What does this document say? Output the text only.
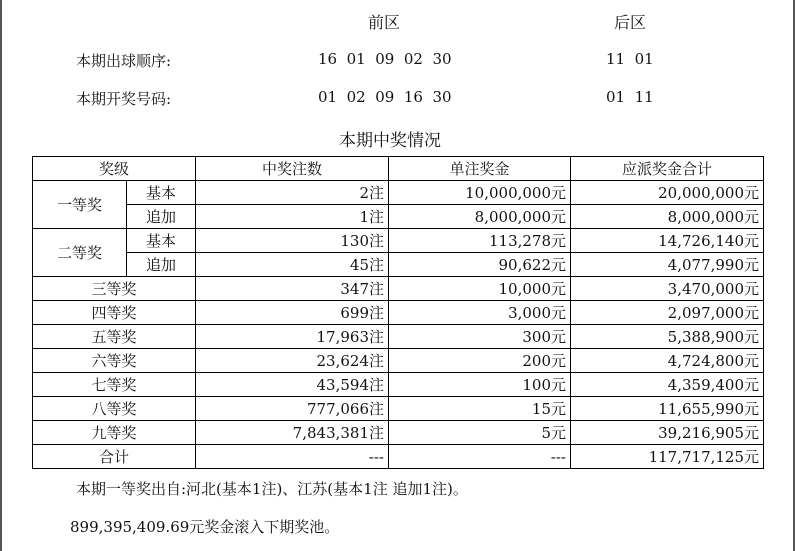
前区	后区
本期出球顺序:	16  01  09  02  30	11  01
本期开奖号码:	01  02  09  16  30	01  11
本期中奖情况
奖级		中奖注数	单注奖金	应派奖金合计
一等奖	基本	2注	10,000,000元	20,000,000元
	追加	1注	8,000,000元	8,000,000元
二等奖	基本	130注	113,278元	14,726,140元
	追加	45注	90,622元	4,077,990元
三等奖		347注	10,000元	3,470,000元
四等奖		699注	3,000元	2,097,000元
五等奖		17,963注	300元	5,388,900元
六等奖		23,624注	200元	4,724,800元
七等奖		43,594注	100元	4,359,400元
八等奖		777,066注	15元	11,655,990元
九等奖		7,843,381注	5元	39,216,905元
合计		---	---	117,717,125元
本期一等奖出自:河北(基本1注)、江苏(基本1注 追加1注)。
899,395,409.69元奖金滚入下期奖池。
